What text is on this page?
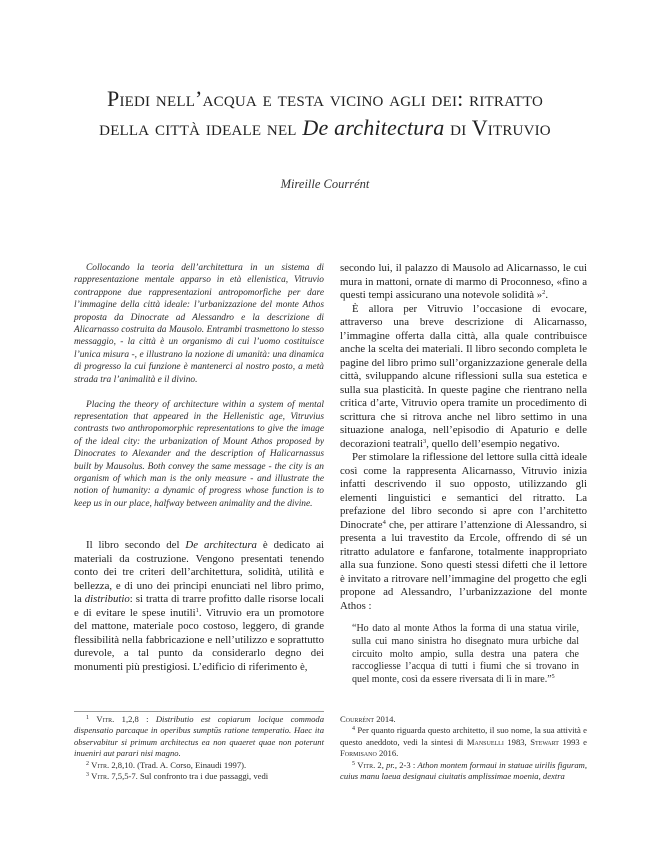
Piedi nell’acqua e testa vicino agli dei: ritratto
della città ideale nel De architectura di Vitruvio
Mireille Courrént

Collocando la teoria dell’architettura in un sistema di rappresentazione mentale apparso in età ellenistica, Vitruvio contrappone due rappresentazioni antropomorfiche per dare l’immagine della città ideale: l’urbanizzazione del monte Athos proposta da Dinocrate ad Alessandro e la descrizione di Alicarnasso costruita da Mausolo. Entrambi trasmettono lo stesso messaggio, - la città è un organismo di cui l’uomo costituisce l’unica misura -, e illustrano la nozione di umanità: una dinamica di progresso la cui funzione è mantenerci al nostro posto, a metà strada tra l’animalità e il divino.

Placing the theory of architecture within a system of mental representation that appeared in the Hellenistic age, Vitruvius contrasts two anthropomorphic representations to give the image of the ideal city: the urbanization of Mount Athos proposed by Dinocrates to Alexander and the description of Halicarnassus built by Mausolus. Both convey the same message - the city is an organism of which man is the only measure - and illustrate the notion of humanity: a dynamic of progress whose function is to keep us in our place, halfway between animality and the divine.

Il libro secondo del De architectura è dedicato ai materiali da costruzione. Vengono presentati tenendo conto dei tre criteri dell’architettura, solidità, utilità e bellezza, e di uno dei principi enunciati nel libro primo, la distributio: si tratta di trarre profitto dalle risorse locali e di evitare le spese inutili$^1$. Vitruvio era un promotore del mattone, materiale poco costoso, leggero, di grande flessibilità nella fabbricazione e nell’utilizzo e soprattutto durevole, a tal punto da considerarlo degno dei monumenti più prestigiosi. L’edificio di riferimento è,

secondo lui, il palazzo di Mausolo ad Alicarnasso, le cui mura in mattoni, ornate di marmo di Proconneso, «fino a questi tempi assicurano una notevole solidità »$^2$.

È allora per Vitruvio l’occasione di evocare, attraverso una breve descrizione di Alicarnasso, l’immagine offerta dalla città, alla quale contribuisce anche la scelta dei materiali. Il libro secondo completa le pagine del libro primo sull’organizzazione generale della città, sviluppando alcune riflessioni sulla sua estetica e sulla sua plasticità. In queste pagine che rientrano nella critica d’arte, Vitruvio opera tramite un procedimento di scrittura che si ritrova anche nel libro settimo in una situazione analoga, nell’episodio di Apaturio e delle decorazioni teatrali$^3$, quello dell’esempio negativo.

Per stimolare la riflessione del lettore sulla città ideale così come la rappresenta Alicarnasso, Vitruvio inizia infatti descrivendo il suo opposto, utilizzando gli elementi linguistici e semantici del ritratto. La prefazione del libro secondo si apre con l’architetto Dinocrate$^4$ che, per attirare l’attenzione di Alessandro, si presenta a lui travestito da Ercole, offrendo di sé un ritratto adulatore e fanfarone, totalmente inappropriato alla sua funzione. Sono questi stessi difetti che il lettore è invitato a ritrovare nell’immagine del progetto che egli propone ad Alessandro, l’urbanizzazione del monte Athos :

“Ho dato al monte Athos la forma di una statua virile, sulla cui mano sinistra ho disegnato mura urbiche dal circuito molto ampio, sulla destra una patera che raccogliesse l’acqua di tutti i fiumi che si trovano in quel monte, così da essere riversata di lì in mare.”$^5$

$^1$ Vitr. 1,2,8 : Distributio est copiarum locique commoda dispensatio parcaque in operibus sumptūs ratione temperatio. Haec ita observabitur si primum architectus ea non quaeret quae non poterunt inueniri aut parari nisi magno.

$^2$ Vitr. 2,8,10. (Trad. A. Corso, Einaudi 1997).

$^3$ Vitr. 7,5,5-7. Sul confronto tra i due passaggi, vedi

Courrént 2014.

$^4$ Per quanto riguarda questo architetto, il suo nome, la sua attività e questo aneddoto, vedi la sintesi di Mansuelli 1983, Stewart 1993 e Formisano 2016.

$^5$ Vitr. 2, pr., 2-3 : Athon montem formaui in statuae uirilis figuram, cuius manu laeua designaui ciuitatis amplissimae moenia, dextra
